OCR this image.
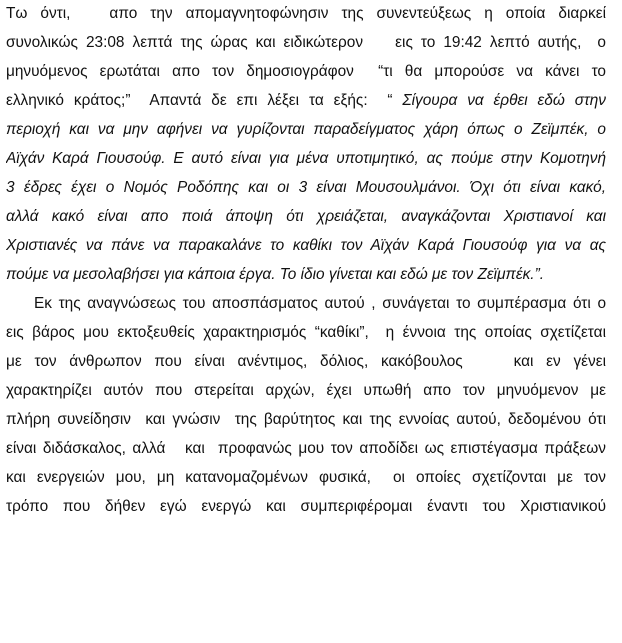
Τω όντι,   απο την απομαγνητοφώνησιν της συνεντεύξεως η οποία διαρκεί
συνολικώς 23:08 λεπτά της ώρας και ειδικώτερον    εις το 19:42 λεπτό αυτής,  ο
μηνυόμενος ερωτάται απο τον δημοσιογράφον  “τι θα μπορούσε να κάνει το
ελληνικό κράτος;”  Απαντά δε επι λέξει τα εξής:  “ Σίγουρα να έρθει εδώ στην
περιοχή και να μην αφήνει να γυρίζονται παραδείγματος χάρη όπως ο Ζεϊμπέκ, ο
Αϊχάν Καρά Γιουσούφ. Ε αυτό είναι για μένα υποτιμητικό, ας πούμε στην Κομοτηνή
3 έδρες έχει ο Νομός Ροδόπης και οι 3 είναι Μουσουλμάνοι. Όχι ότι είναι κακό,
αλλά κακό είναι απο ποιά άποψη ότι χρειάζεται, αναγκάζονται Χριστιανοί και
Χριστιανές να πάνε να παρακαλάνε το καθίκι τον Αϊχάν Καρά Γιουσούφ για να ας
πούμε να μεσολαβήσει για κάποια έργα. Το ίδιο γίνεται και εδώ με τον Ζεϊμπέκ.”.
Εκ της αναγνώσεως του αποσπάσματος αυτού , συνάγεται το συμπέρασμα ότι ο
εις βάρος μου εκτοξευθείς χαρακτηρισμός “καθίκι”,  η έννοια της οποίας σχετίζεται
με τον άνθρωπον που είναι ανέντιμος, δόλιος, κακόβουλος    και εν γένει
χαρακτηρίζει αυτόν που στερείται αρχών, έχει υπωθή απο τον μηνυόμενον με
πλήρη συνείδησιν  και γνώσιν  της βαρύτητος και της εννοίας αυτού, δεδομένου ότι
είναι διδάσκαλος, αλλά   και  προφανώς μου τον αποδίδει ως επιστέγασμα πράξεων
και ενεργειών μου, μη κατανομαζομένων φυσικά,  οι οποίες σχετίζονται με τον
τρόπο που δήθεν εγώ ενεργώ και συμπεριφέρομαι έναντι του Χριστιανικού
